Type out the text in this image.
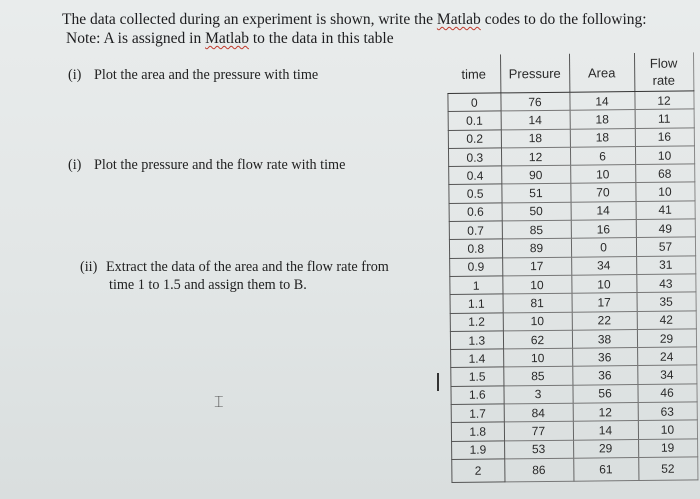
The data collected during an experiment is shown, write the Matlab codes to do the following:
Note: A is assigned in Matlab to the data in this table
(i) Plot the area and the pressure with time
(i) Plot the pressure and the flow rate with time
(ii) Extract the data of the area and the flow rate from
time 1 to 1.5 and assign them to B.
⌶
time	Pressure	Area	Flow
rate

0	76	14	12
0.1	14	18	11
0.2	18	18	16
0.3	12	6	10
0.4	90	10	68
0.5	51	70	10
0.6	50	14	41
0.7	85	16	49
0.8	89	0	57
0.9	17	34	31
1	10	10	43
1.1	81	17	35
1.2	10	22	42
1.3	62	38	29
1.4	10	36	24
1.5	85	36	34
1.6	3	56	46
1.7	84	12	63
1.8	77	14	10
1.9	53	29	19
2	86	61	52
